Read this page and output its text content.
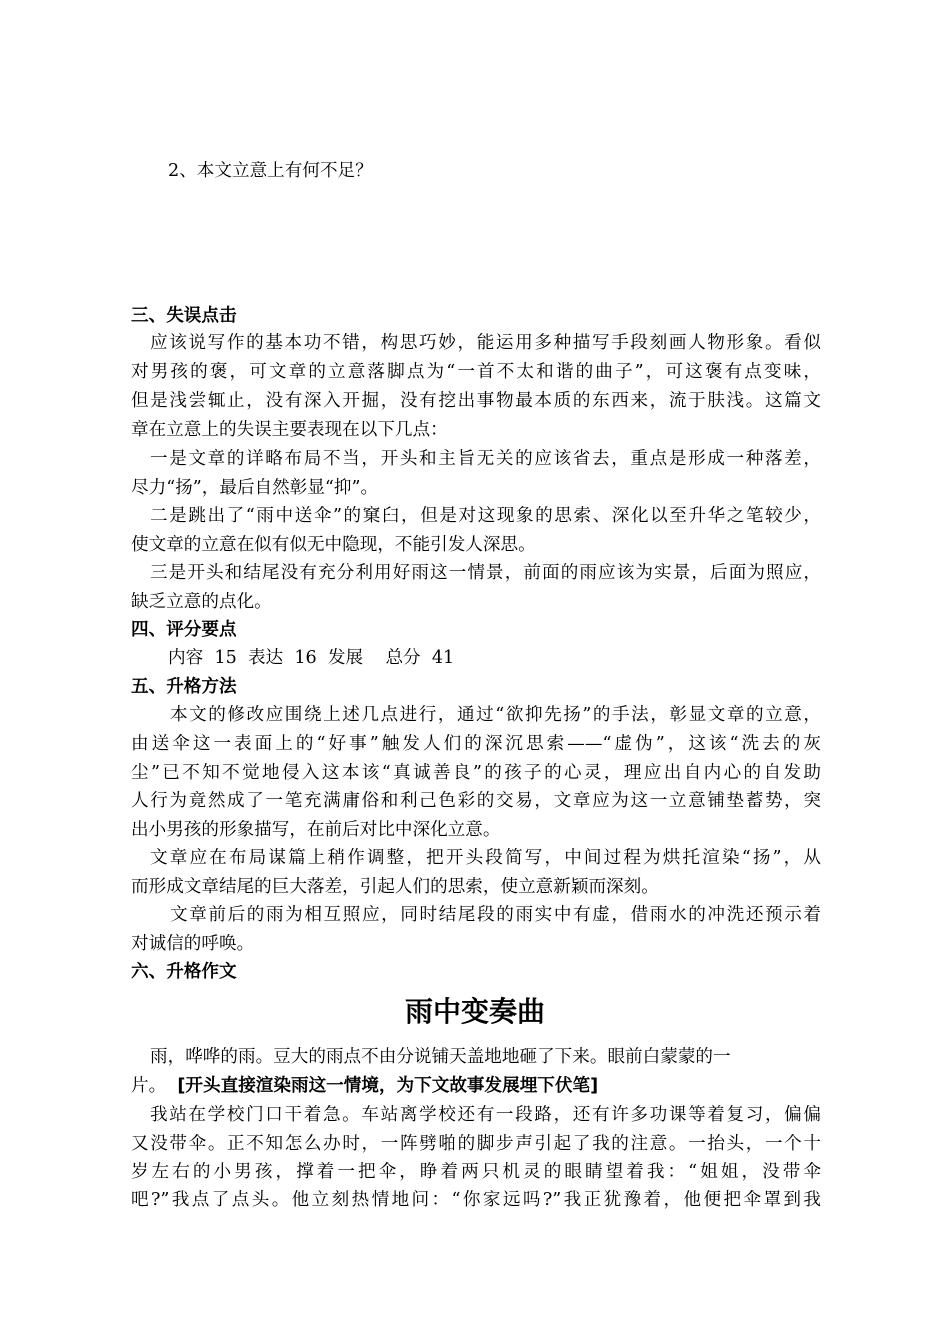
2、本文立意上有何不足？
三、失误点击
应该说写作的基本功不错，构思巧妙，能运用多种描写手段刻画人物形象。看似
对男孩的褒，可文章的立意落脚点为“一首不太和谐的曲子”，可这褒有点变味，
但是浅尝辄止，没有深入开掘，没有挖出事物最本质的东西来，流于肤浅。这篇文
章在立意上的失误主要表现在以下几点：
一是文章的详略布局不当，开头和主旨无关的应该省去，重点是形成一种落差，
尽力“扬”，最后自然彰显“抑”。
二是跳出了“雨中送伞”的窠臼，但是对这现象的思索、深化以至升华之笔较少，
使文章的立意在似有似无中隐现，不能引发人深思。
三是开头和结尾没有充分利用好雨这一情景，前面的雨应该为实景，后面为照应，
缺乏立意的点化。
四、评分要点
内容  15  表达  16  发展    总分  41
五、升格方法
本文的修改应围绕上述几点进行，通过“欲抑先扬”的手法，彰显文章的立意，
由送伞这一表面上的“好事”触发人们的深沉思索——“虚伪”，这该“洗去的灰
尘”已不知不觉地侵入这本该“真诚善良”的孩子的心灵，理应出自内心的自发助
人行为竟然成了一笔充满庸俗和利己色彩的交易，文章应为这一立意铺垫蓄势，突
出小男孩的形象描写，在前后对比中深化立意。
文章应在布局谋篇上稍作调整，把开头段简写，中间过程为烘托渲染“扬”，从
而形成文章结尾的巨大落差，引起人们的思索，使立意新颖而深刻。
文章前后的雨为相互照应，同时结尾段的雨实中有虚，借雨水的冲洗还预示着
对诚信的呼唤。
六、升格作文
雨中变奏曲
雨，哗哗的雨。豆大的雨点不由分说铺天盖地地砸了下来。眼前白蒙蒙的一
片。 [开头直接渲染雨这一情境，为下文故事发展埋下伏笔]
我站在学校门口干着急。车站离学校还有一段路，还有许多功课等着复习，偏偏
又没带伞。正不知怎么办时，一阵劈啪的脚步声引起了我的注意。一抬头，一个十
岁左右的小男孩，撑着一把伞，睁着两只机灵的眼睛望着我：“姐姐，没带伞
吧?”我点了点头。他立刻热情地问：“你家远吗?”我正犹豫着，他便把伞罩到我
